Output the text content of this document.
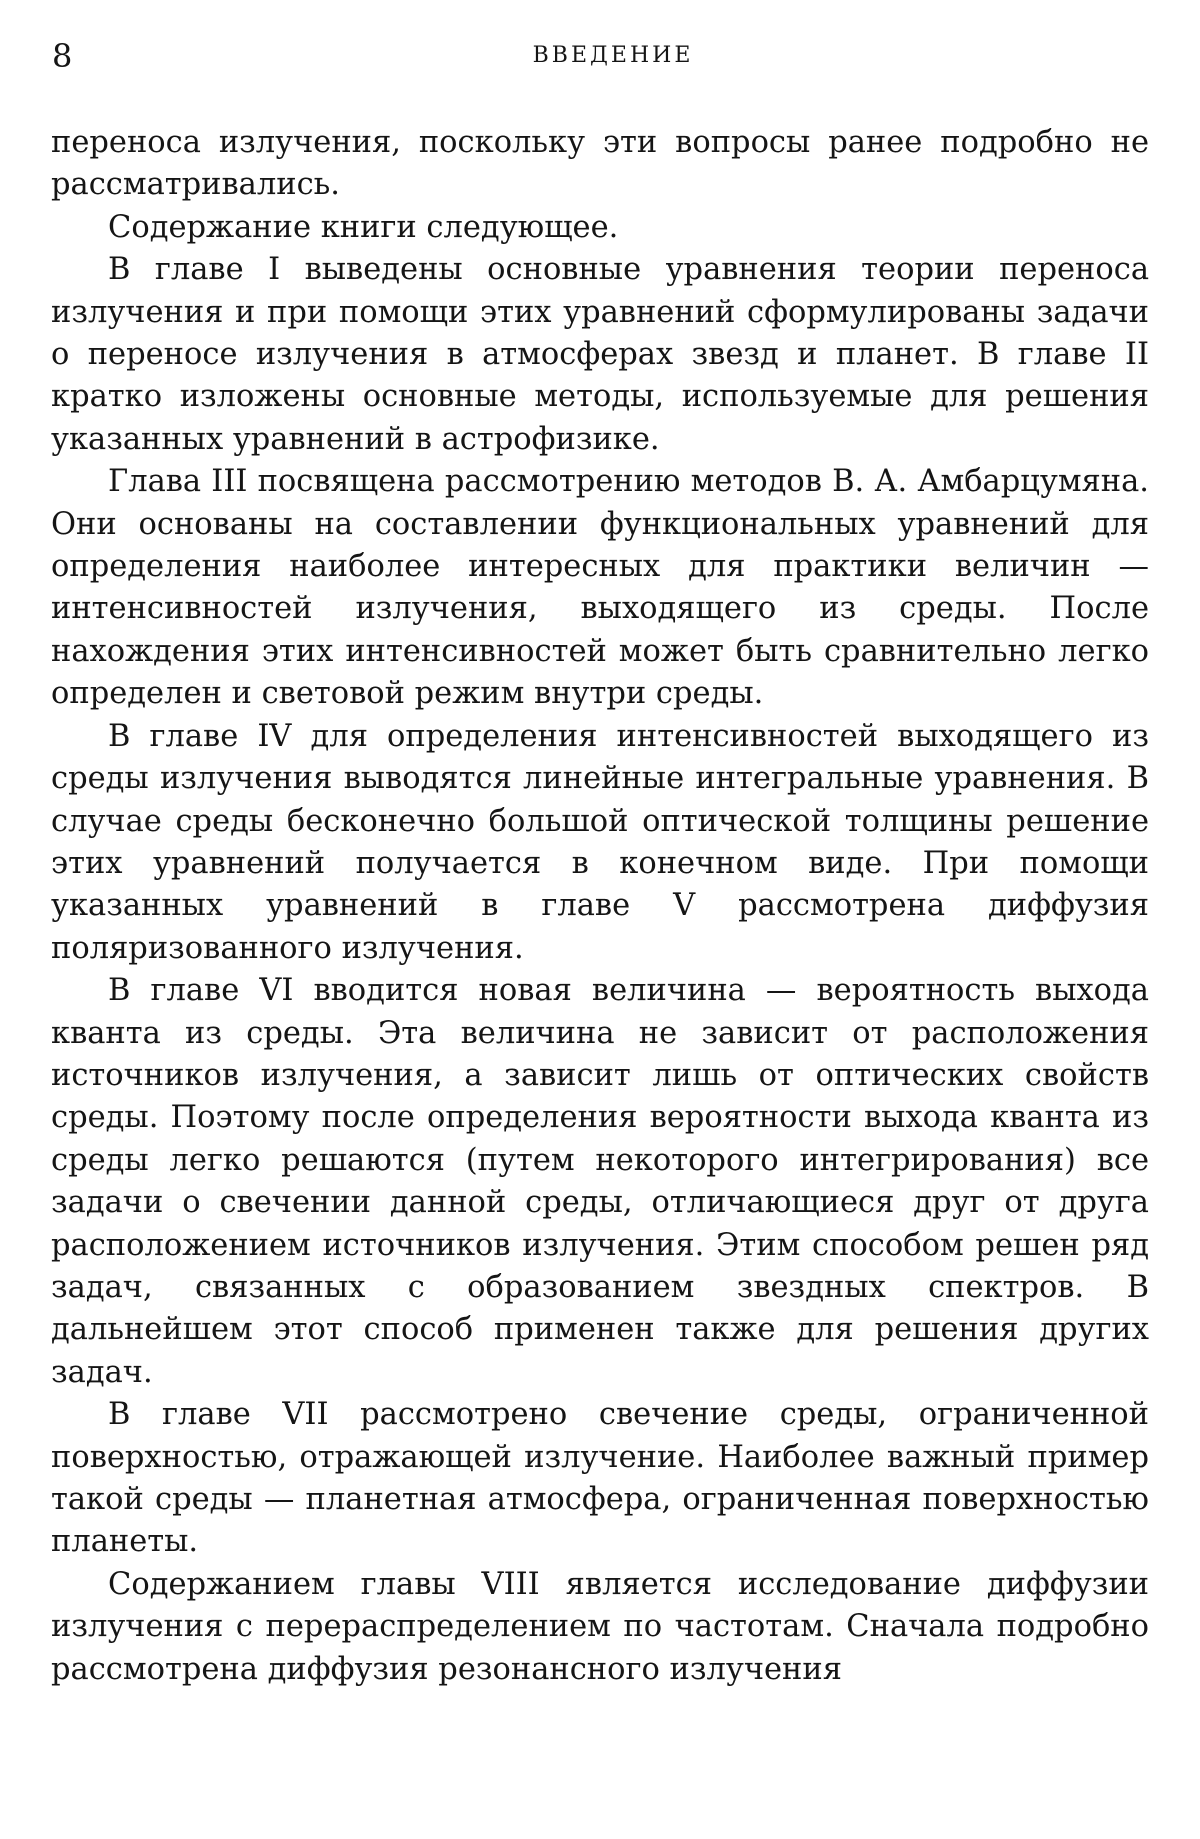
8	ВВЕДЕНИЕ

переноса излучения, поскольку эти вопросы ранее подробно не рассматривались.

Содержание книги следующее.

В главе I выведены основные уравнения теории переноса излучения и при помощи этих уравнений сформулированы задачи о переносе излучения в атмосферах звезд и планет. В главе II кратко изложены основные методы, используемые для решения указанных уравнений в астрофизике.

Глава III посвящена рассмотрению методов В. А. Амбарцумяна. Они основаны на составлении функциональных уравнений для определения наиболее интересных для практики величин — интенсивностей излучения, выходящего из среды. После нахождения этих интенсивностей может быть сравнительно легко определен и световой режим внутри среды.

В главе IV для определения интенсивностей выходящего из среды излучения выводятся линейные интегральные уравнения. В случае среды бесконечно большой оптической толщины решение этих уравнений получается в конечном виде. При помощи указанных уравнений в главе V рассмотрена диффузия поляризованного излучения.

В главе VI вводится новая величина — вероятность выхода кванта из среды. Эта величина не зависит от расположения источников излучения, а зависит лишь от оптических свойств среды. Поэтому после определения вероятности выхода кванта из среды легко решаются (путем некоторого интегрирования) все задачи о свечении данной среды, отличающиеся друг от друга расположением источников излучения. Этим способом решен ряд задач, связанных с образованием звездных спектров. В дальнейшем этот способ применен также для решения других задач.

В главе VII рассмотрено свечение среды, ограниченной поверхностью, отражающей излучение. Наиболее важный пример такой среды — планетная атмосфера, ограниченная поверхностью планеты.

Содержанием главы VIII является исследование диффузии излучения с перераспределением по частотам. Сначала подробно рассмотрена диффузия резонансного излучения
